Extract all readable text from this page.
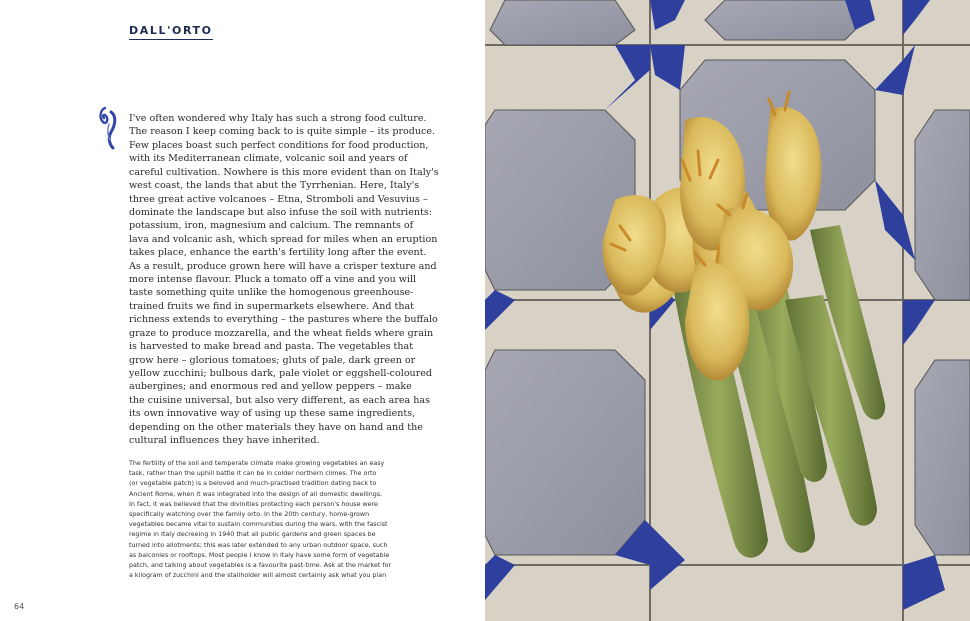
DALL'ORTO

I've often wondered why Italy has such a strong food culture.
The reason I keep coming back to is quite simple – its produce.
Few places boast such perfect conditions for food production,
with its Mediterranean climate, volcanic soil and years of
careful cultivation. Nowhere is this more evident than on Italy's
west coast, the lands that abut the Tyrrhenian. Here, Italy's
three great active volcanoes – Etna, Stromboli and Vesuvius –
dominate the landscape but also infuse the soil with nutrients:
potassium, iron, magnesium and calcium. The remnants of
lava and volcanic ash, which spread for miles when an eruption
takes place, enhance the earth's fertility long after the event.
As a result, produce grown here will have a crisper texture and
more intense flavour. Pluck a tomato off a vine and you will
taste something quite unlike the homogenous greenhouse-
trained fruits we find in supermarkets elsewhere. And that
richness extends to everything – the pastures where the buffalo
graze to produce mozzarella, and the wheat fields where grain
is harvested to make bread and pasta. The vegetables that
grow here – glorious tomatoes; gluts of pale, dark green or
yellow zucchini; bulbous dark, pale violet or eggshell-coloured
aubergines; and enormous red and yellow peppers – make
the cuisine universal, but also very different, as each area has
its own innovative way of using up these same ingredients,
depending on the other materials they have on hand and the
cultural influences they have inherited.

The fertility of the soil and temperate climate make growing vegetables an easy
task, rather than the uphill battle it can be in colder northern climes. The orto
(or vegetable patch) is a beloved and much-practised tradition dating back to
Ancient Rome, when it was integrated into the design of all domestic dwellings.
In fact, it was believed that the divinities protecting each person's house were
specifically watching over the family orto. In the 20th century, home-grown
vegetables became vital to sustain communities during the wars, with the fascist
regime in Italy decreeing in 1940 that all public gardens and green spaces be
turned into allotments; this was later extended to any urban outdoor space, such
as balconies or rooftops. Most people I know in Italy have some form of vegetable
patch, and talking about vegetables is a favourite past-time. Ask at the market for
a kilogram of zucchini and the stallholder will almost certainly ask what you plan

64
